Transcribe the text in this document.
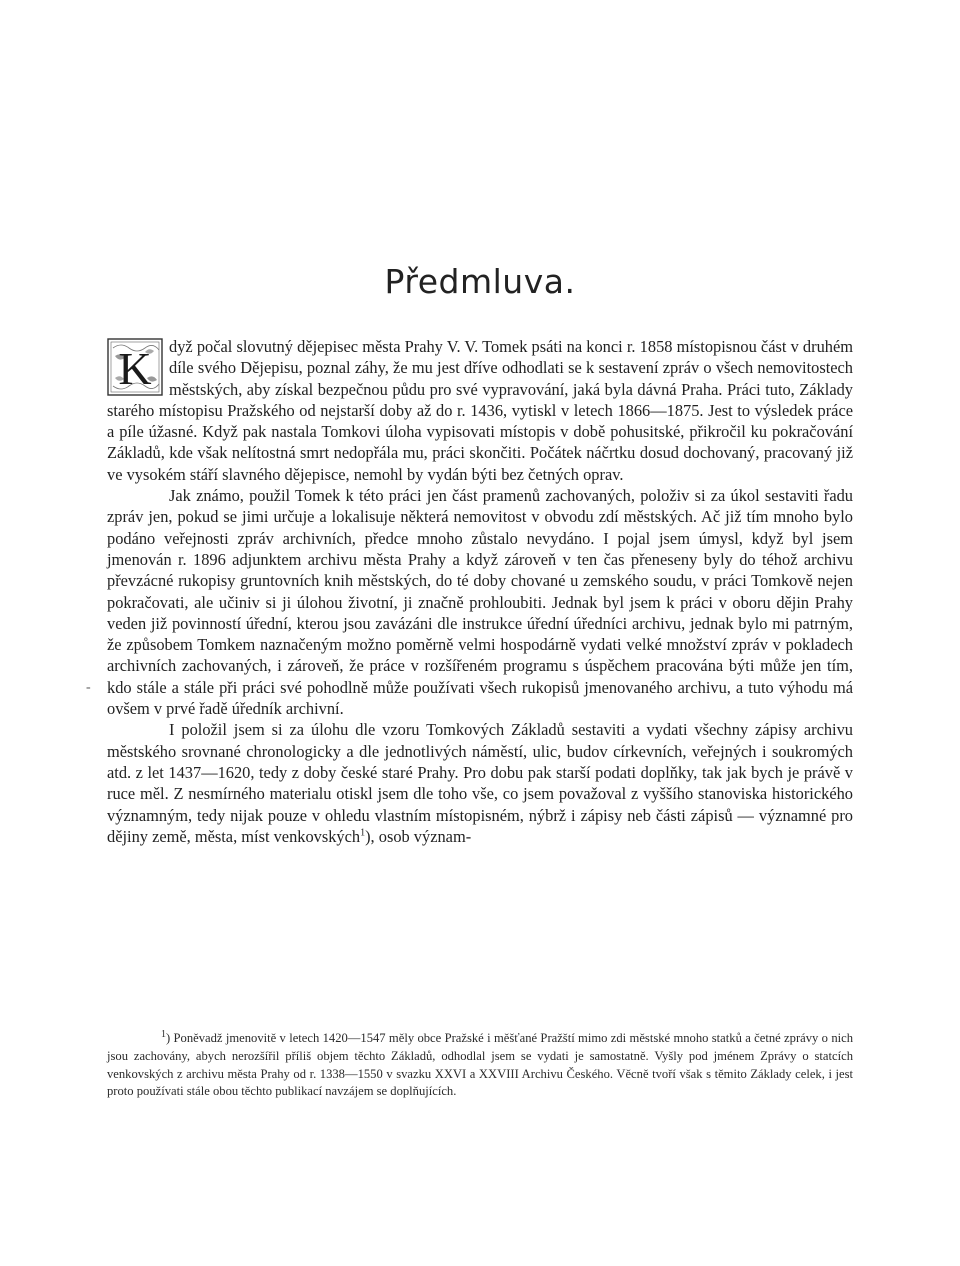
Předmluva.

K dyž počal slovutný dějepisec města Prahy V. V. Tomek psáti na konci r. 1858 místopisnou část v druhém díle svého Dějepisu, poznal záhy, že mu jest dříve odhodlati se k sestavení zpráv o všech nemovitostech městských, aby získal bezpečnou půdu pro své vypravování, jaká byla dávná Praha. Práci tuto, Základy starého místopisu Pražského od nejstarší doby až do r. 1436, vytiskl v letech 1866—1875. Jest to výsledek práce a píle úžasné. Když pak nastala Tomkovi úloha vypisovati místopis v době pohusitské, přikročil ku pokračování Základů, kde však nelítostná smrt nedopřála mu, práci skončiti. Počátek náčrtku dosud dochovaný, pracovaný již ve vysokém stáří slavného dějepisce, nemohl by vydán býti bez četných oprav.

Jak známo, použil Tomek k této práci jen část pramenů zachovaných, položiv si za úkol sestaviti řadu zpráv jen, pokud se jimi určuje a lokalisuje některá nemovitost v obvodu zdí městských. Ač již tím mnoho bylo podáno veřejnosti zpráv archivních, předce mnoho zůstalo nevydáno. I pojal jsem úmysl, když byl jsem jmenován r. 1896 adjunktem archivu města Prahy a když zároveň v ten čas přeneseny byly do téhož archivu převzácné rukopisy gruntovních knih městských, do té doby chované u zemského soudu, v práci Tomkově nejen pokračovati, ale učiniv si ji úlohou životní, ji značně prohloubiti. Jednak byl jsem k práci v oboru dějin Prahy veden již povinností úřední, kterou jsou zavázáni dle instrukce úřední úředníci archivu, jednak bylo mi patrným, že způsobem Tomkem naznačeným možno poměrně velmi hospodárně vydati velké množství zpráv v pokladech archivních zachovaných, i zároveň, že práce v rozšířeném programu s úspěchem pracována býti může jen tím, kdo stále a stále při práci své pohodlně může používati všech rukopisů jmenovaného archivu, a tuto výhodu má ovšem v prvé řadě úředník archivní.

I položil jsem si za úlohu dle vzoru Tomkových Základů sestaviti a vydati všechny zápisy archivu městského srovnané chronologicky a dle jednotlivých náměstí, ulic, budov církevních, veřejných i soukromých atd. z let 1437—1620, tedy z doby české staré Prahy. Pro dobu pak starší podati doplňky, tak jak bych je právě v ruce měl. Z nesmírného materialu otiskl jsem dle toho vše, co jsem považoval z vyššího stanoviska historického významným, tedy nijak pouze v ohledu vlastním místopisném, nýbrž i zápisy neb části zápisů — významné pro dějiny země, města, míst venkovských$^1$), osob význam-

-

$^1$) Poněvadž jmenovitě v letech 1420—1547 měly obce Pražské i měšťané Pražští mimo zdi městské mnoho statků a četné zprávy o nich jsou zachovány, abych nerozšířil příliš objem těchto Základů, odhodlal jsem se vydati je samostatně. Vyšly pod jménem Zprávy o statcích venkovských z archivu města Prahy od r. 1338—1550 v svazku XXVI a XXVIII Archivu Českého. Věcně tvoří však s těmito Základy celek, i jest proto používati stále obou těchto publikací navzájem se doplňujících.
